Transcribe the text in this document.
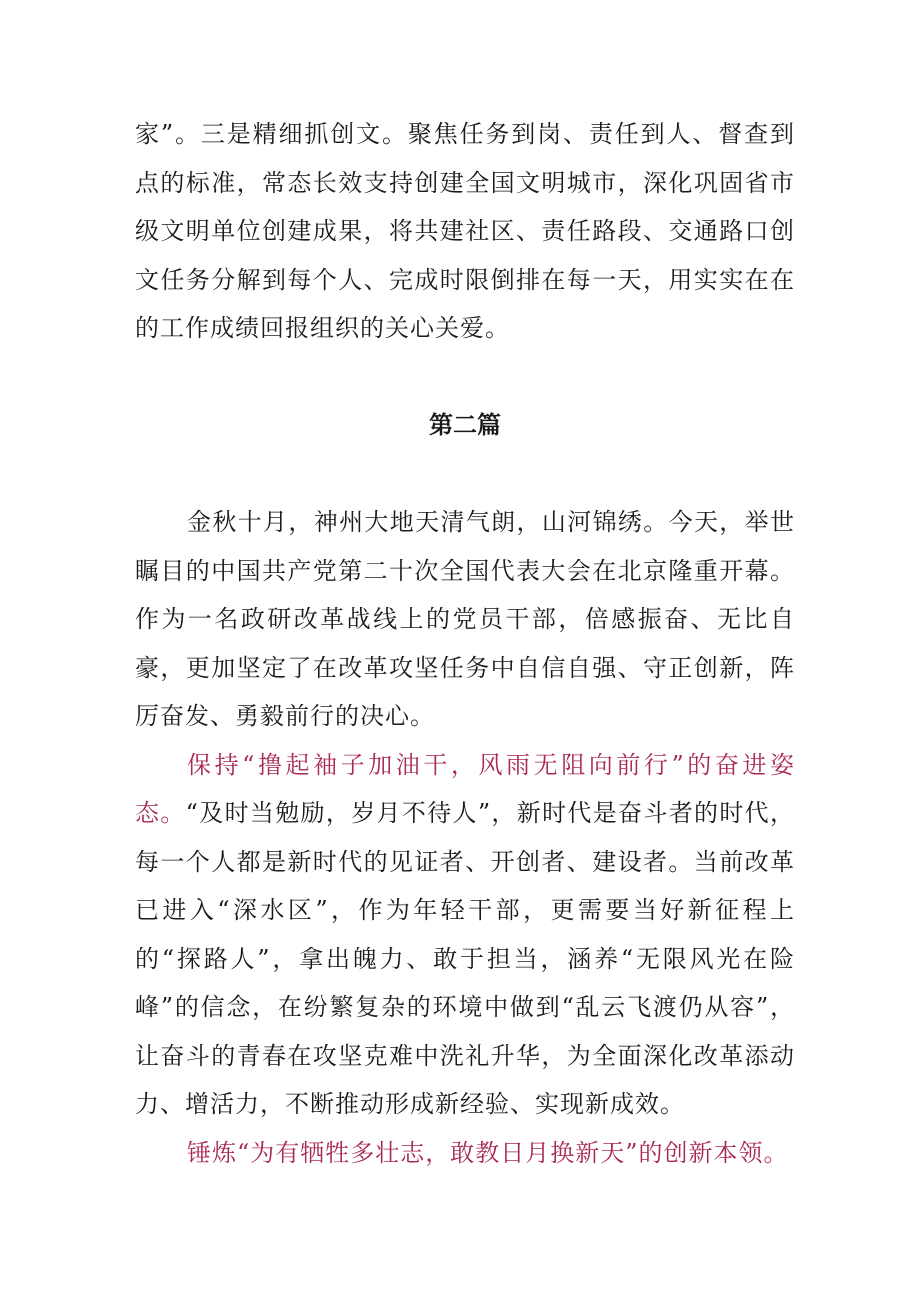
家”。三是精细抓创文。聚焦任务到岗、责任到人、督查到点的标准，常态长效支持创建全国文明城市，深化巩固省市级文明单位创建成果，将共建社区、责任路段、交通路口创文任务分解到每个人、完成时限倒排在每一天，用实实在在的工作成绩回报组织的关心关爱。

第二篇

金秋十月，神州大地天清气朗，山河锦绣。今天，举世瞩目的中国共产党第二十次全国代表大会在北京隆重开幕。作为一名政研改革战线上的党员干部，倍感振奋、无比自豪，更加坚定了在改革攻坚任务中自信自强、守正创新，阵厉奋发、勇毅前行的决心。

保持“撸起袖子加油干，风雨无阻向前行”的奋进姿态。“及时当勉励，岁月不待人”，新时代是奋斗者的时代，每一个人都是新时代的见证者、开创者、建设者。当前改革已进入“深水区”，作为年轻干部，更需要当好新征程上的“探路人”，拿出魄力、敢于担当，涵养“无限风光在险峰”的信念，在纷繁复杂的环境中做到“乱云飞渡仍从容”，让奋斗的青春在攻坚克难中洗礼升华，为全面深化改革添动力、增活力，不断推动形成新经验、实现新成效。

锤炼“为有牺牲多壮志，敢教日月换新天”的创新本领。
